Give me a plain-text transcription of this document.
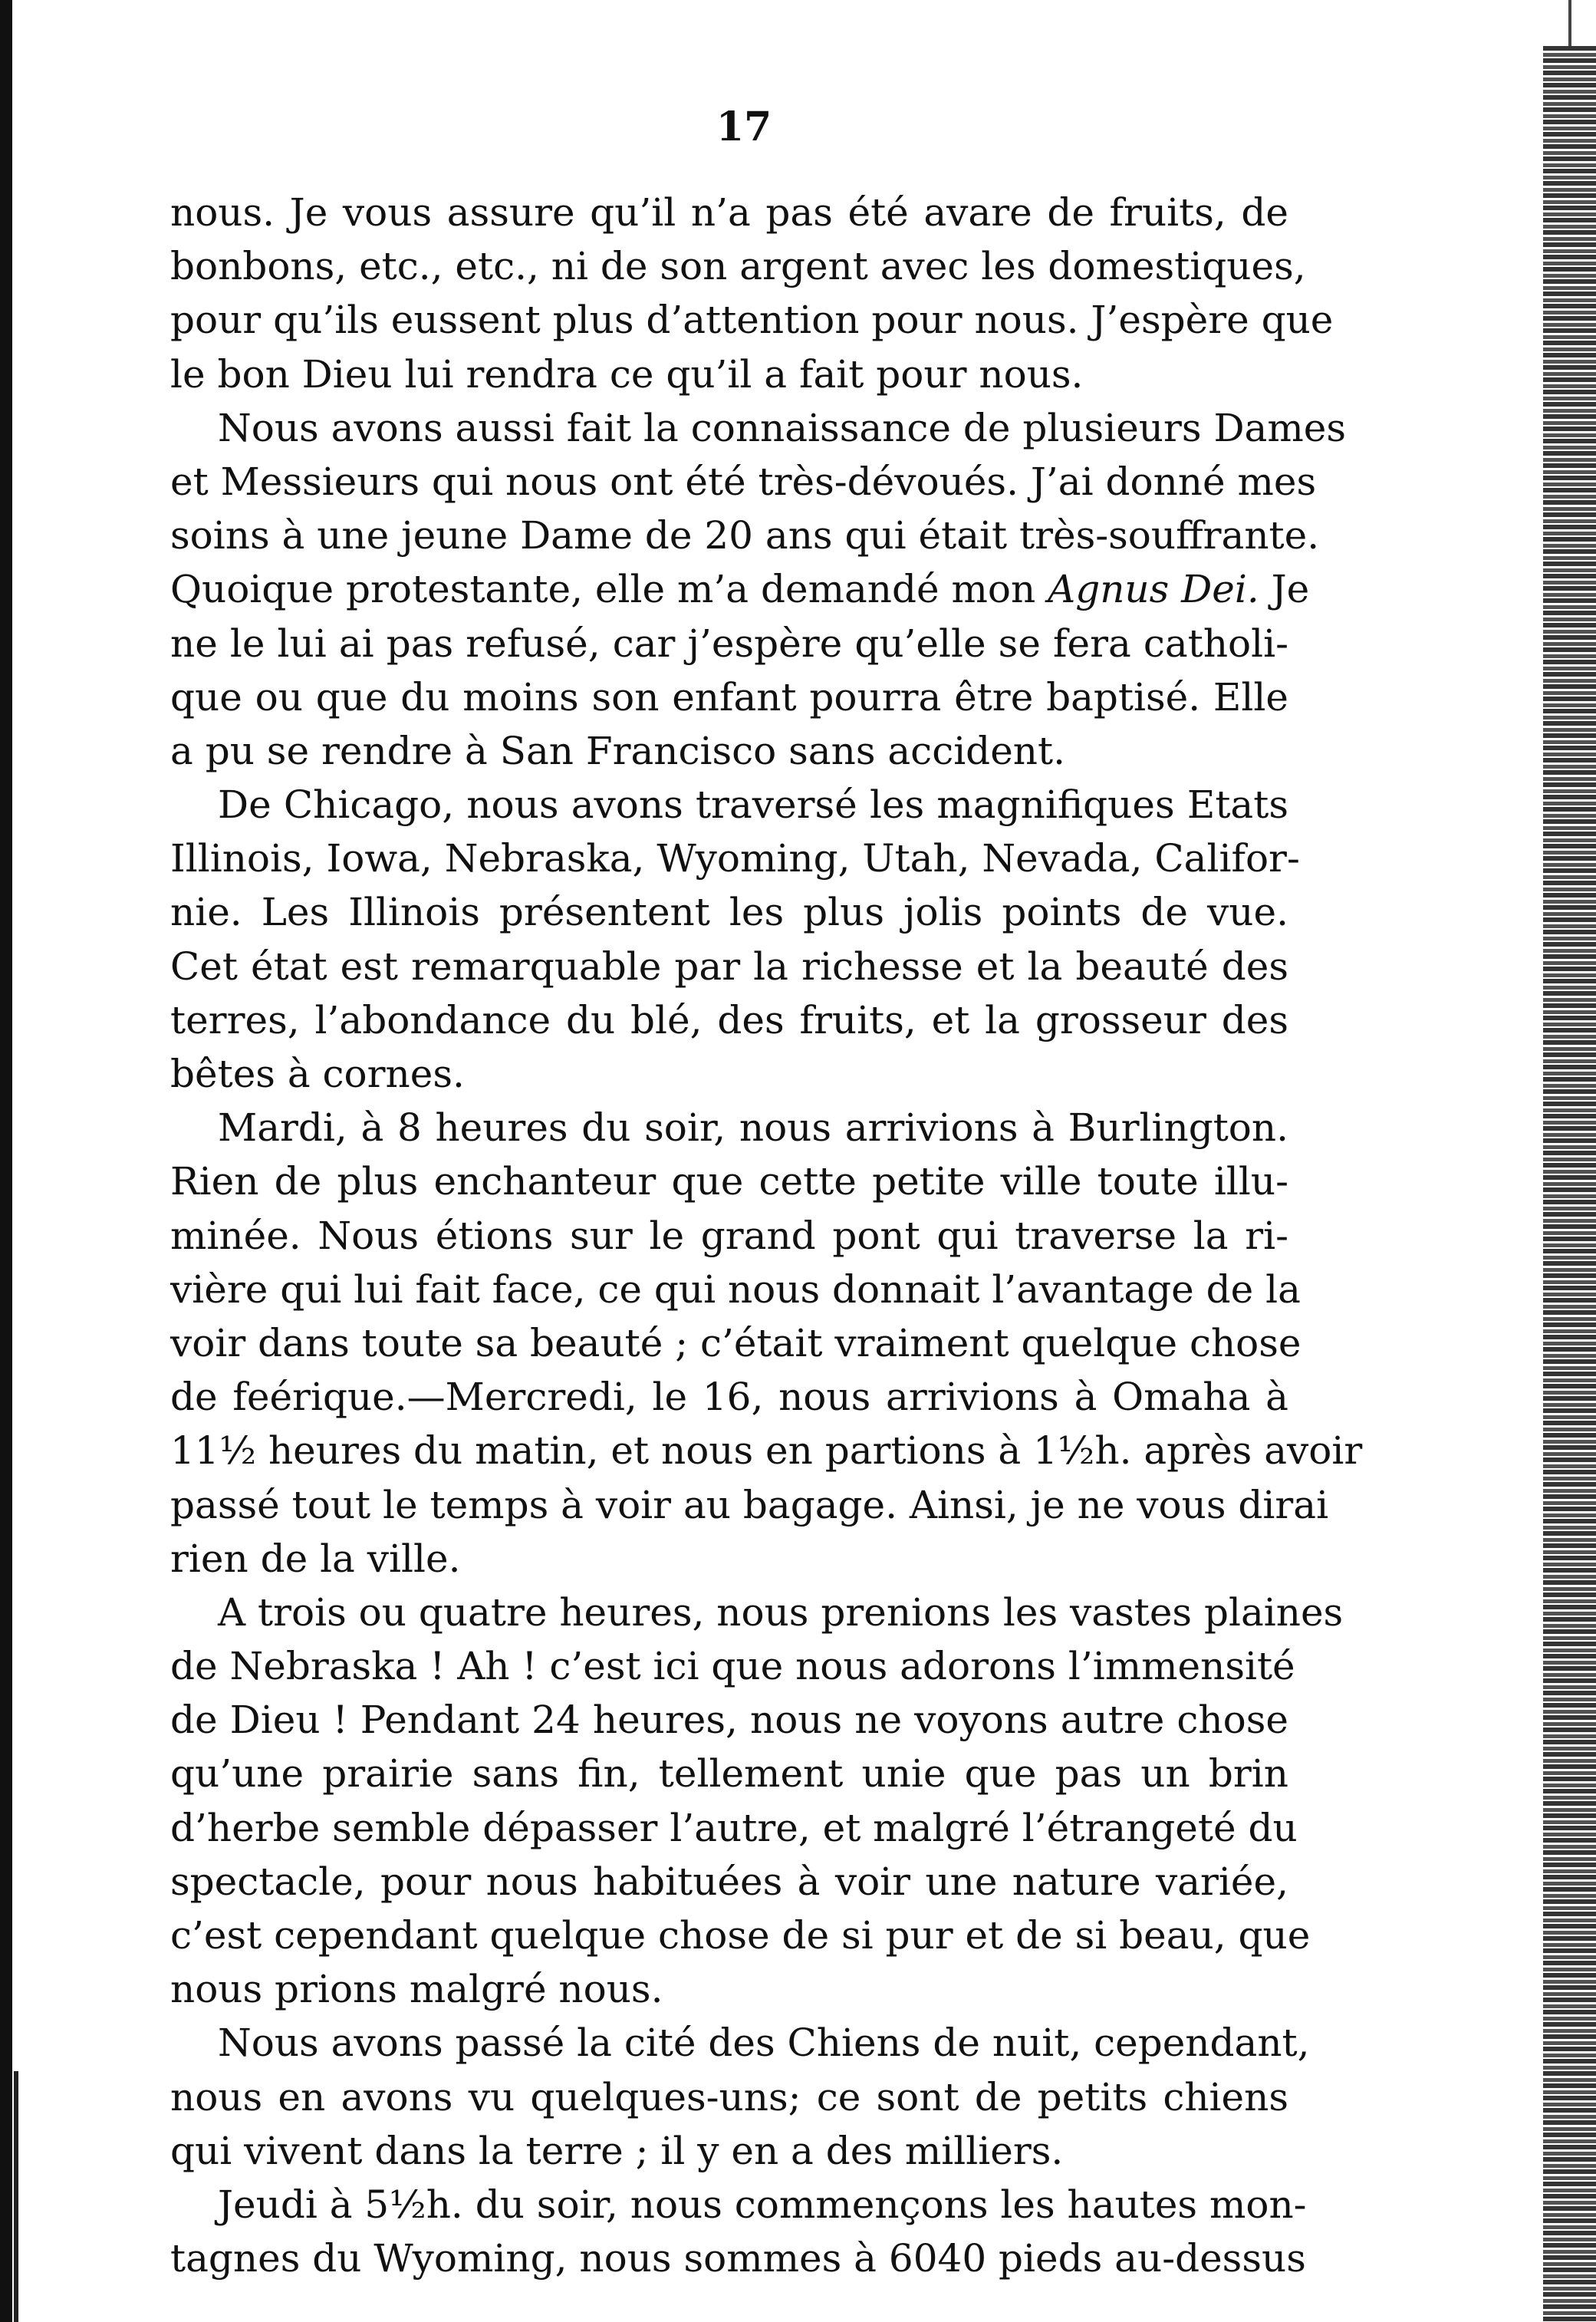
17
nous. Je vous assure qu’il n’a pas été avare de fruits, de
bonbons, etc., etc., ni de son argent avec les domestiques,
pour qu’ils eussent plus d’attention pour nous. J’espère que
le bon Dieu lui rendra ce qu’il a fait pour nous.
Nous avons aussi fait la connaissance de plusieurs Dames
et Messieurs qui nous ont été très-dévoués. J’ai donné mes
soins à une jeune Dame de 20 ans qui était très-souffrante.
Quoique protestante, elle m’a demandé mon Agnus Dei. Je
ne le lui ai pas refusé, car j’espère qu’elle se fera catholi-
que ou que du moins son enfant pourra être baptisé. Elle
a pu se rendre à San Francisco sans accident.
De Chicago, nous avons traversé les magnifiques Etats
Illinois, Iowa, Nebraska, Wyoming, Utah, Nevada, Califor-
nie. Les Illinois présentent les plus jolis points de vue.
Cet état est remarquable par la richesse et la beauté des
terres, l’abondance du blé, des fruits, et la grosseur des
bêtes à cornes.
Mardi, à 8 heures du soir, nous arrivions à Burlington.
Rien de plus enchanteur que cette petite ville toute illu-
minée. Nous étions sur le grand pont qui traverse la ri-
vière qui lui fait face, ce qui nous donnait l’avantage de la
voir dans toute sa beauté ; c’était vraiment quelque chose
de feérique.—Mercredi, le 16, nous arrivions à Omaha à
11½ heures du matin, et nous en partions à 1½h. après avoir
passé tout le temps à voir au bagage. Ainsi, je ne vous dirai
rien de la ville.
A trois ou quatre heures, nous prenions les vastes plaines
de Nebraska ! Ah ! c’est ici que nous adorons l’immensité
de Dieu ! Pendant 24 heures, nous ne voyons autre chose
qu’une prairie sans fin, tellement unie que pas un brin
d’herbe semble dépasser l’autre, et malgré l’étrangeté du
spectacle, pour nous habituées à voir une nature variée,
c’est cependant quelque chose de si pur et de si beau, que
nous prions malgré nous.
Nous avons passé la cité des Chiens de nuit, cependant,
nous en avons vu quelques-uns; ce sont de petits chiens
qui vivent dans la terre ; il y en a des milliers.
Jeudi à 5½h. du soir, nous commençons les hautes mon-
tagnes du Wyoming, nous sommes à 6040 pieds au-dessus
